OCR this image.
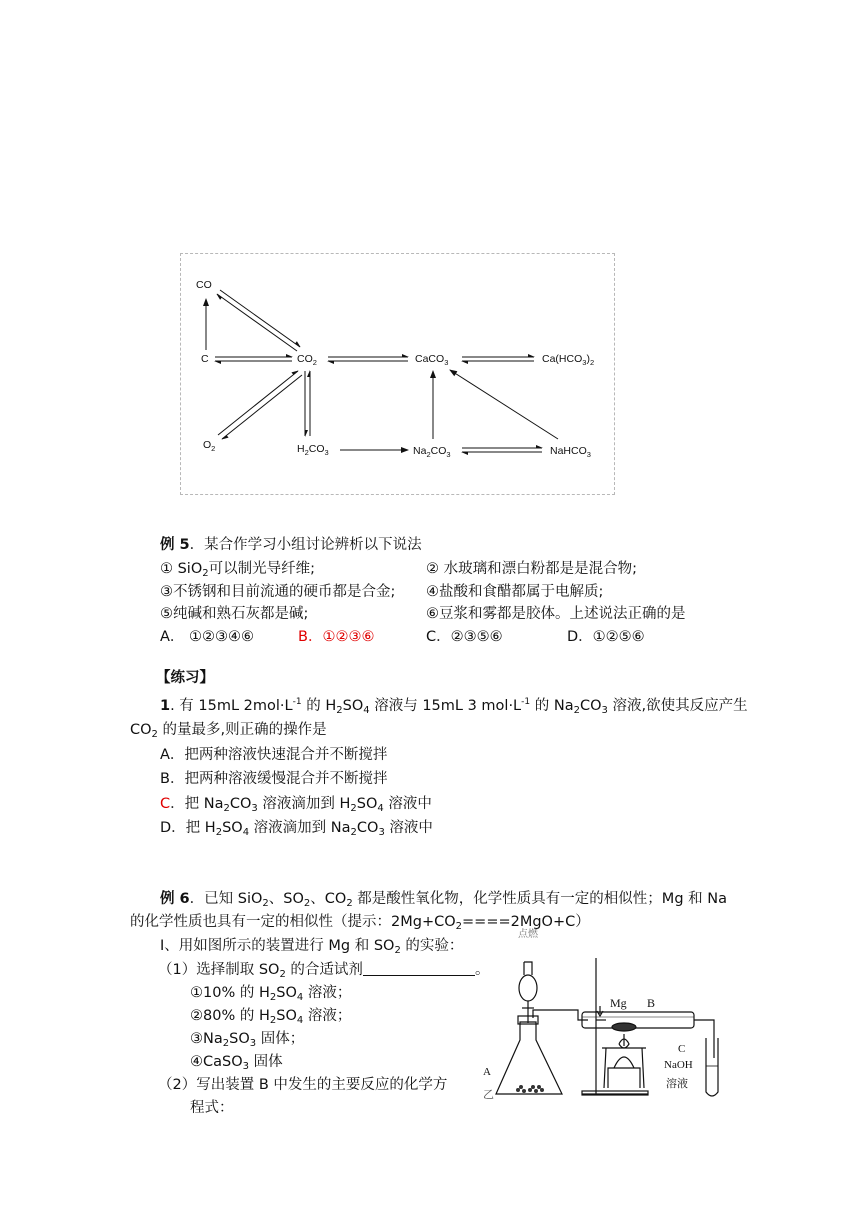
CO
C	$CO_2$	CaCO$_3$	$Ca(HCO_3)_2$
$O_2$	$H_2CO_3$	$Na_2CO_3$	NaHCO$_3$
例 5．某合作学习小组讨论辨析以下说法
① SiO$_2$可以制光导纤维;	② 水玻璃和漂白粉都是是混合物;
③不锈钢和目前流通的硬币都是合金; ④盐酸和食醋都属于电解质;
⑤纯碱和熟石灰都是碱;	⑥豆浆和雾都是胶体。上述说法正确的是
A． ①②③④⑥	B．①②③⑥	C．②③⑤⑥	D．①②⑤⑥
【练习】
1. 有 15mL $2mol\cdot L^{-1}$ 的 $H_2SO_4$ 溶液与 15mL 3 $mol\cdot L^{-1}$ 的 $Na_2CO_3$ 溶液,欲使其反应产生
$CO_2$ 的量最多,则正确的操作是
A．把两种溶液快速混合并不断搅拌
B．把两种溶液缓慢混合并不断搅拌
C．把 $Na_2CO_3$ 溶液滴加到 $H_2SO_4$ 溶液中
D．把 $H_2SO_4$ 溶液滴加到 $Na_2CO_3$ 溶液中
例 6．已知 SiO$_2$、$SO_2$、$CO_2$ 都是酸性氧化物，化学性质具有一定的相似性；Mg 和 Na
的化学性质也具有一定的相似性（提示：$2Mg+CO_2====2MgO+C$）
点燃
Ⅰ、用如图所示的装置进行 Mg 和 $SO_2$ 的实验：
（1）选择制取 $SO_2$ 的合适试剂	。
①10% 的 $H_2SO_4$ 溶液；
②80% 的 $H_2SO_4$ 溶液；
$③Na_2SO_3$ 固体；
④CaSO$_3$ 固体
（2）写出装置 B 中发生的主要反应的化学方
程式：
Mg B
C
NaOH
溶液
A
乙
